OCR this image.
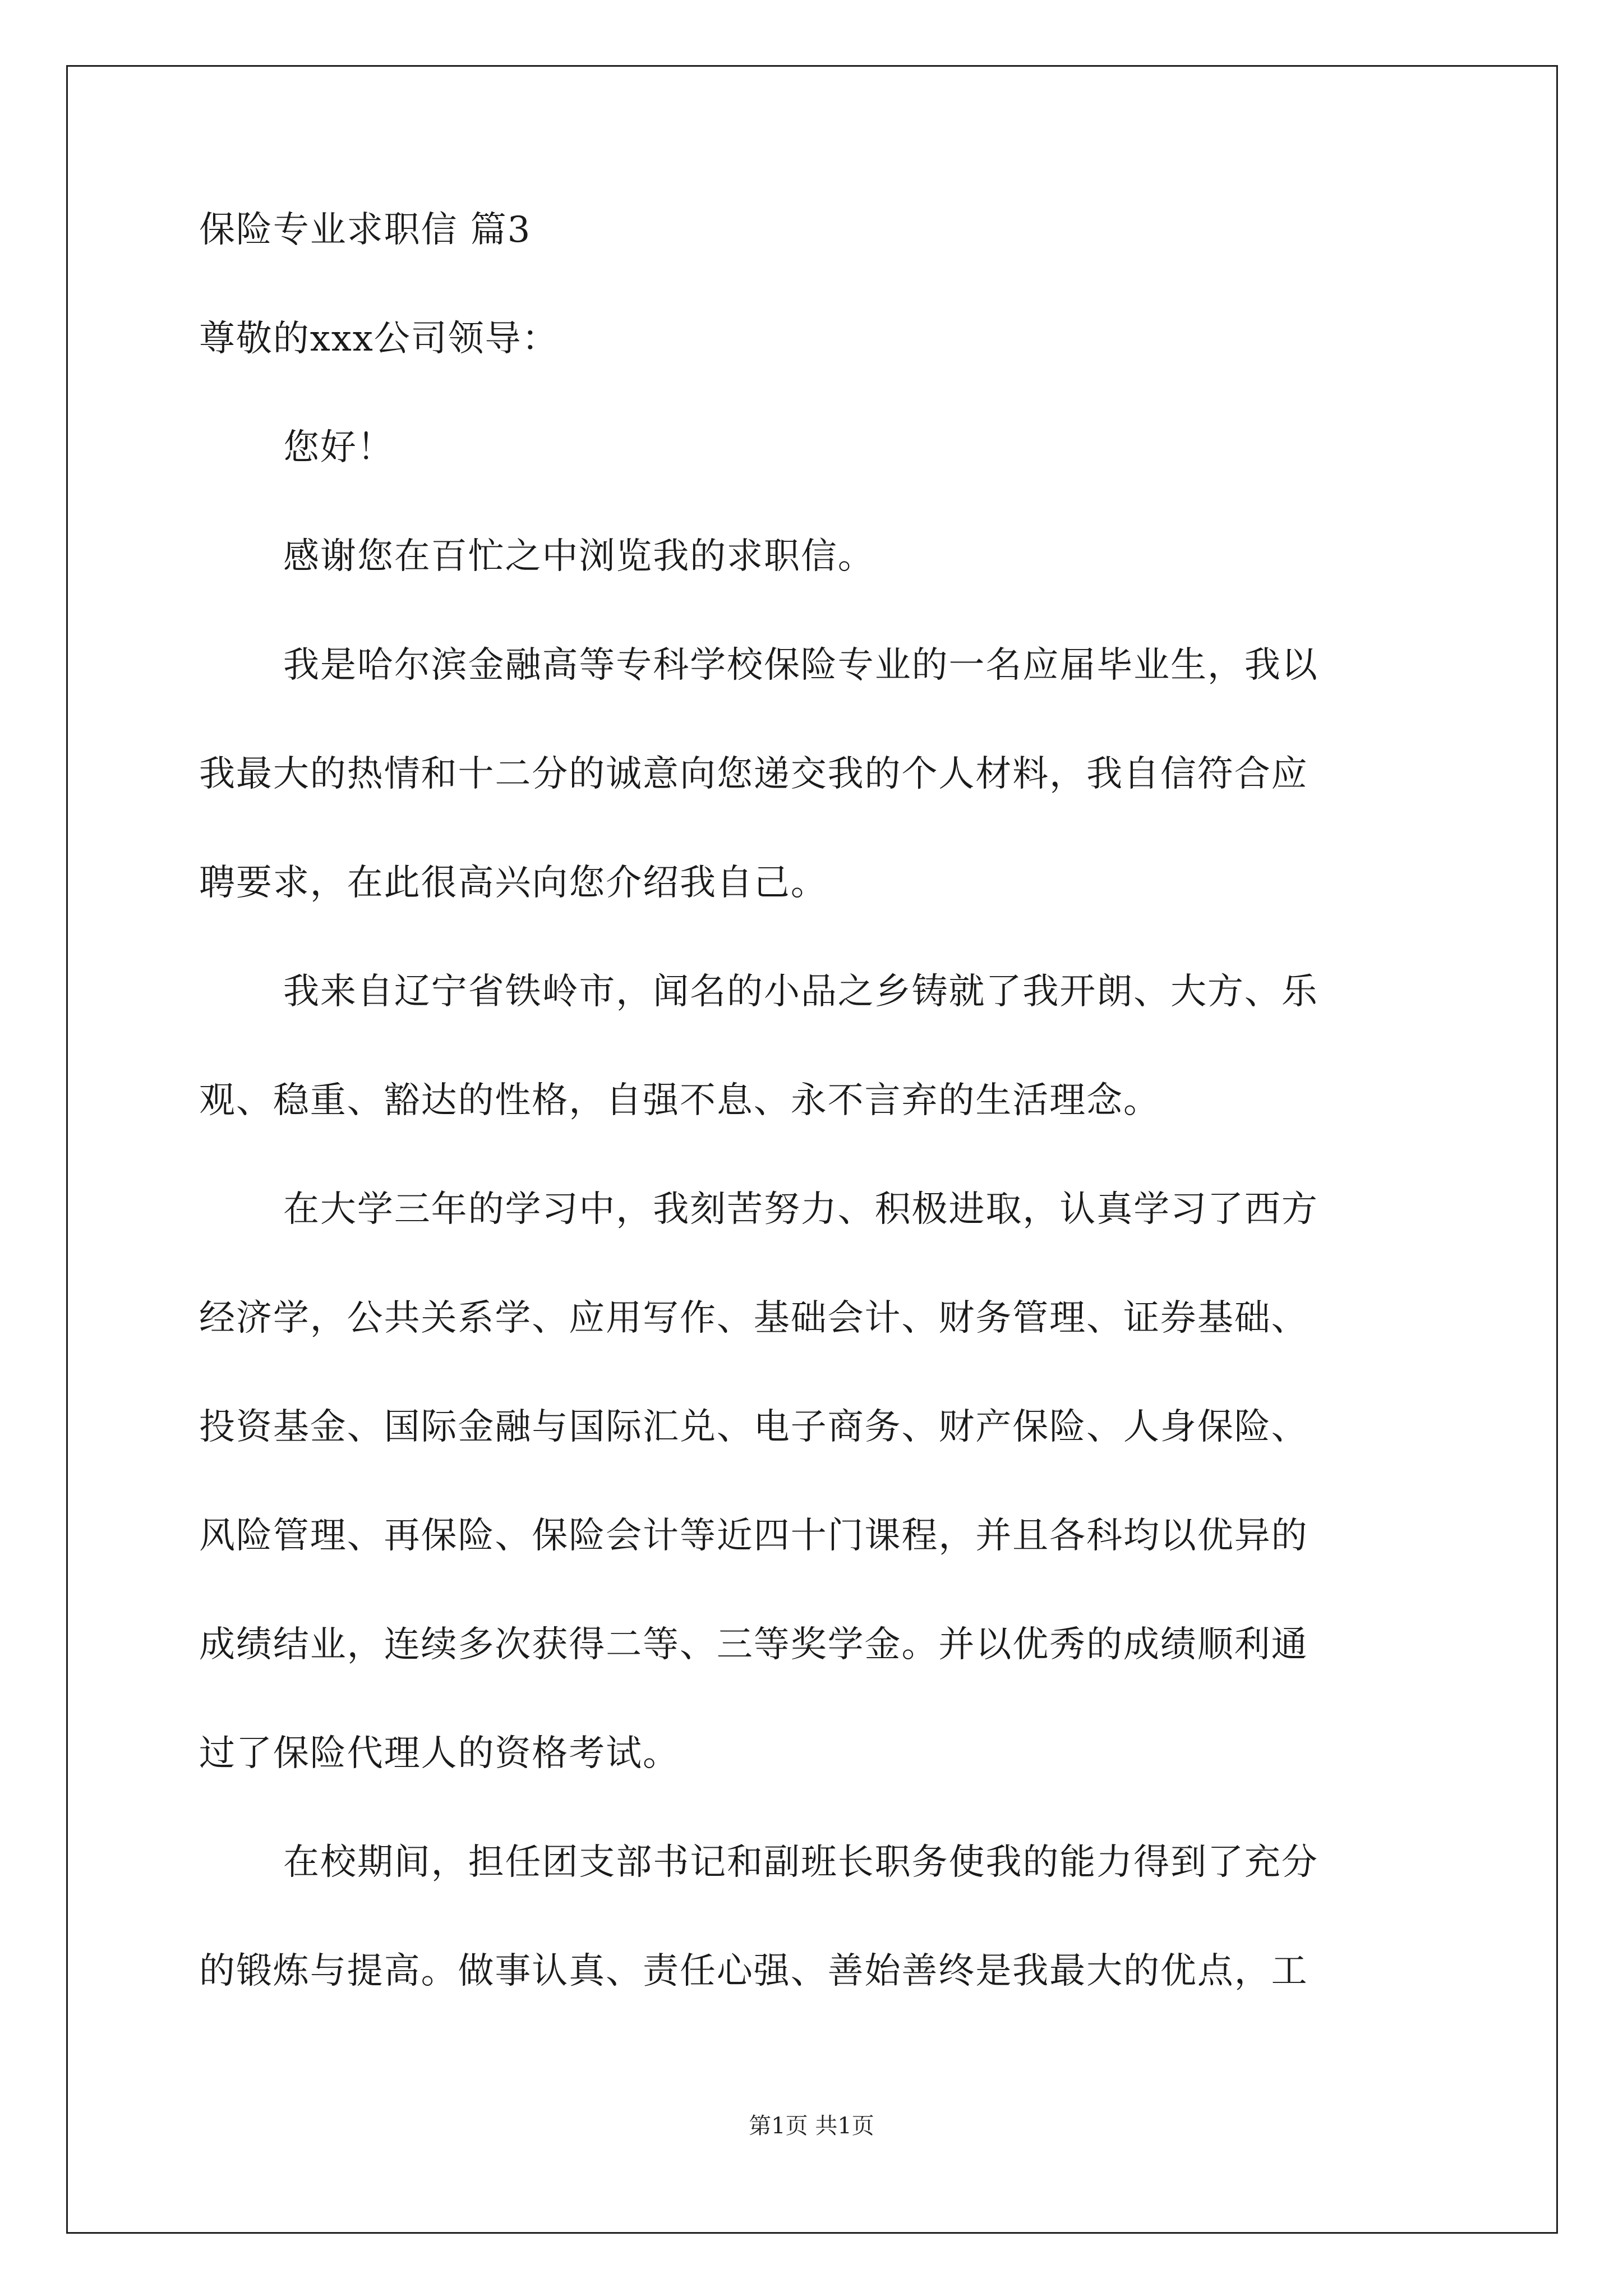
保险专业求职信 篇3
尊敬的xxx公司领导：
您好！
感谢您在百忙之中浏览我的求职信。
我是哈尔滨金融高等专科学校保险专业的一名应届毕业生，我以
我最大的热情和十二分的诚意向您递交我的个人材料，我自信符合应
聘要求，在此很高兴向您介绍我自己。
我来自辽宁省铁岭市，闻名的小品之乡铸就了我开朗、大方、乐
观、稳重、豁达的性格，自强不息、永不言弃的生活理念。
在大学三年的学习中，我刻苦努力、积极进取，认真学习了西方
经济学，公共关系学、应用写作、基础会计、财务管理、证券基础、
投资基金、国际金融与国际汇兑、电子商务、财产保险、人身保险、
风险管理、再保险、保险会计等近四十门课程，并且各科均以优异的
成绩结业，连续多次获得二等、三等奖学金。并以优秀的成绩顺利通
过了保险代理人的资格考试。
在校期间，担任团支部书记和副班长职务使我的能力得到了充分
的锻炼与提高。做事认真、责任心强、善始善终是我最大的优点，工
第1页 共1页
